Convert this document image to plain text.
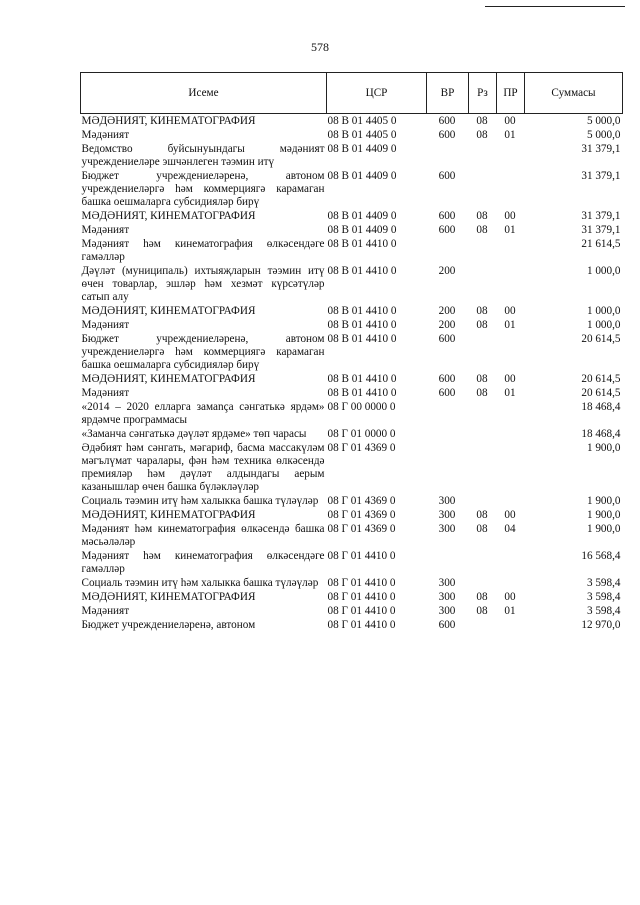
578
Исеме	ЦСР	ВР	Рз	ПР	Суммасы
МӘДӘНИЯТ, КИНЕМАТОГРАФИЯ	08 В 01 4405 0	600	08	00	5 000,0
Мәдәният	08 В 01 4405 0	600	08	01	5 000,0
Ведомство буйсынуындагы мәдәният учреждениеләре эшчәнлеген тәэмин итү	08 В 01 4409 0				31 379,1
Бюджет учреждениеләренә, автоном учреждениеләргә һәм коммерциягә карамаган башка оешмаларга субсидияләр бирү	08 В 01 4409 0	600			31 379,1
МӘДӘНИЯТ, КИНЕМАТОГРАФИЯ	08 В 01 4409 0	600	08	00	31 379,1
Мәдәният	08 В 01 4409 0	600	08	01	31 379,1
Мәдәният һәм кинематография өлкәсендәге гамәлләр	08 В 01 4410 0				21 614,5
Дәүләт (муниципаль) ихтыяҗларын тәэмин итү өчен товарлар, эшләр һәм хезмәт күрсәтүләр сатып алу	08 В 01 4410 0	200			1 000,0
МӘДӘНИЯТ, КИНЕМАТОГРАФИЯ	08 В 01 4410 0	200	08	00	1 000,0
Мәдәният	08 В 01 4410 0	200	08	01	1 000,0
Бюджет учреждениеләренә, автоном учреждениеләргә һәм коммерциягә карамаган башка оешмаларга субсидияләр бирү	08 В 01 4410 0	600			20 614,5
МӘДӘНИЯТ, КИНЕМАТОГРАФИЯ	08 В 01 4410 0	600	08	00	20 614,5
Мәдәният	08 В 01 4410 0	600	08	01	20 614,5
«2014 – 2020 елларга замança сәнгатькә ярдәм» ярдәмче программасы	08 Г 00 0000 0				18 468,4
«Заманча сәнгатькә дәүләт ярдәме» төп чарасы	08 Г 01 0000 0				18 468,4
Әдәбият һәм сәнгать, мәгариф, басма массакүләм мәгълүмат чаралары, фән һәм техника өлкәсендә премияләр һәм дәүләт алдындагы аерым казанышлар өчен башка бүләкләүләр	08 Г 01 4369 0				1 900,0
Социаль тәэмин итү һәм халыкка башка түләүләр	08 Г 01 4369 0	300			1 900,0
МӘДӘНИЯТ, КИНЕМАТОГРАФИЯ	08 Г 01 4369 0	300	08	00	1 900,0
Мәдәният һәм кинематография өлкәсендә башка мәсьәләләр	08 Г 01 4369 0	300	08	04	1 900,0
Мәдәният һәм кинематография өлкәсендәге гамәлләр	08 Г 01 4410 0				16 568,4
Социаль тәэмин итү һәм халыкка башка түләүләр	08 Г 01 4410 0	300			3 598,4
МӘДӘНИЯТ, КИНЕМАТОГРАФИЯ	08 Г 01 4410 0	300	08	00	3 598,4
Мәдәният	08 Г 01 4410 0	300	08	01	3 598,4
Бюджет учреждениеләренә, автоном	08 Г 01 4410 0	600			12 970,0
